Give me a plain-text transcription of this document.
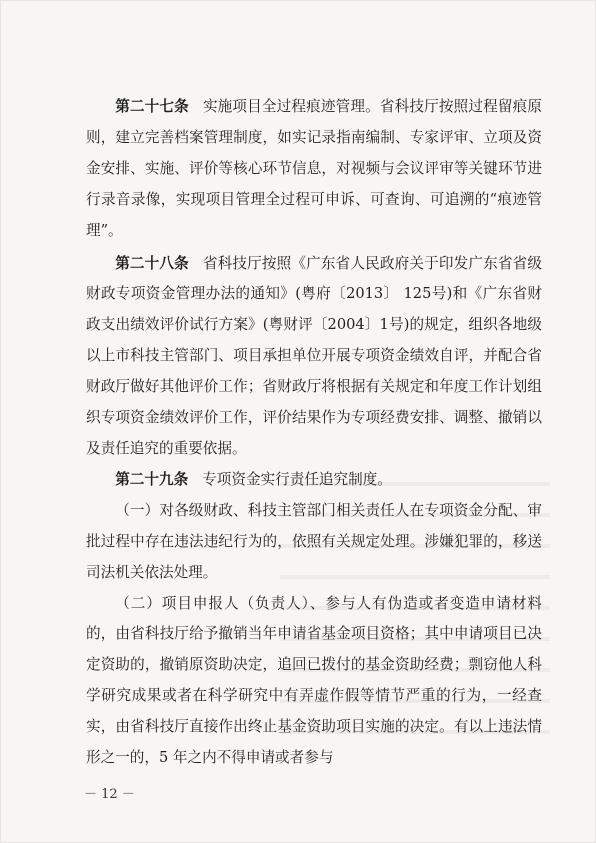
第二十七条 实施项目全过程痕迹管理。省科技厅按照过程留痕原则，建立完善档案管理制度，如实记录指南编制、专家评审、立项及资金安排、实施、评价等核心环节信息，对视频与会议评审等关键环节进行录音录像，实现项目管理全过程可申诉、可查询、可追溯的“痕迹管理”。

第二十八条 省科技厅按照《广东省人民政府关于印发广东省省级财政专项资金管理办法的通知》(粤府〔2013〕 125号)和《广东省财政支出绩效评价试行方案》(粤财评〔2004〕1号)的规定，组织各地级以上市科技主管部门、项目承担单位开展专项资金绩效自评，并配合省财政厅做好其他评价工作；省财政厅将根据有关规定和年度工作计划组织专项资金绩效评价工作，评价结果作为专项经费安排、调整、撤销以及责任追究的重要依据。

第二十九条 专项资金实行责任追究制度。

（一）对各级财政、科技主管部门相关责任人在专项资金分配、审批过程中存在违法违纪行为的，依照有关规定处理。涉嫌犯罪的，移送司法机关依法处理。

（二）项目申报人（负责人）、参与人有伪造或者变造申请材料的，由省科技厅给予撤销当年申请省基金项目资格；其中申请项目已决定资助的，撤销原资助决定，追回已拨付的基金资助经费；剽窃他人科学研究成果或者在科学研究中有弄虚作假等情节严重的行为，一经查实，由省科技厅直接作出终止基金资助项目实施的决定。有以上违法情形之一的，5 年之内不得申请或者参与

－ 12 －
